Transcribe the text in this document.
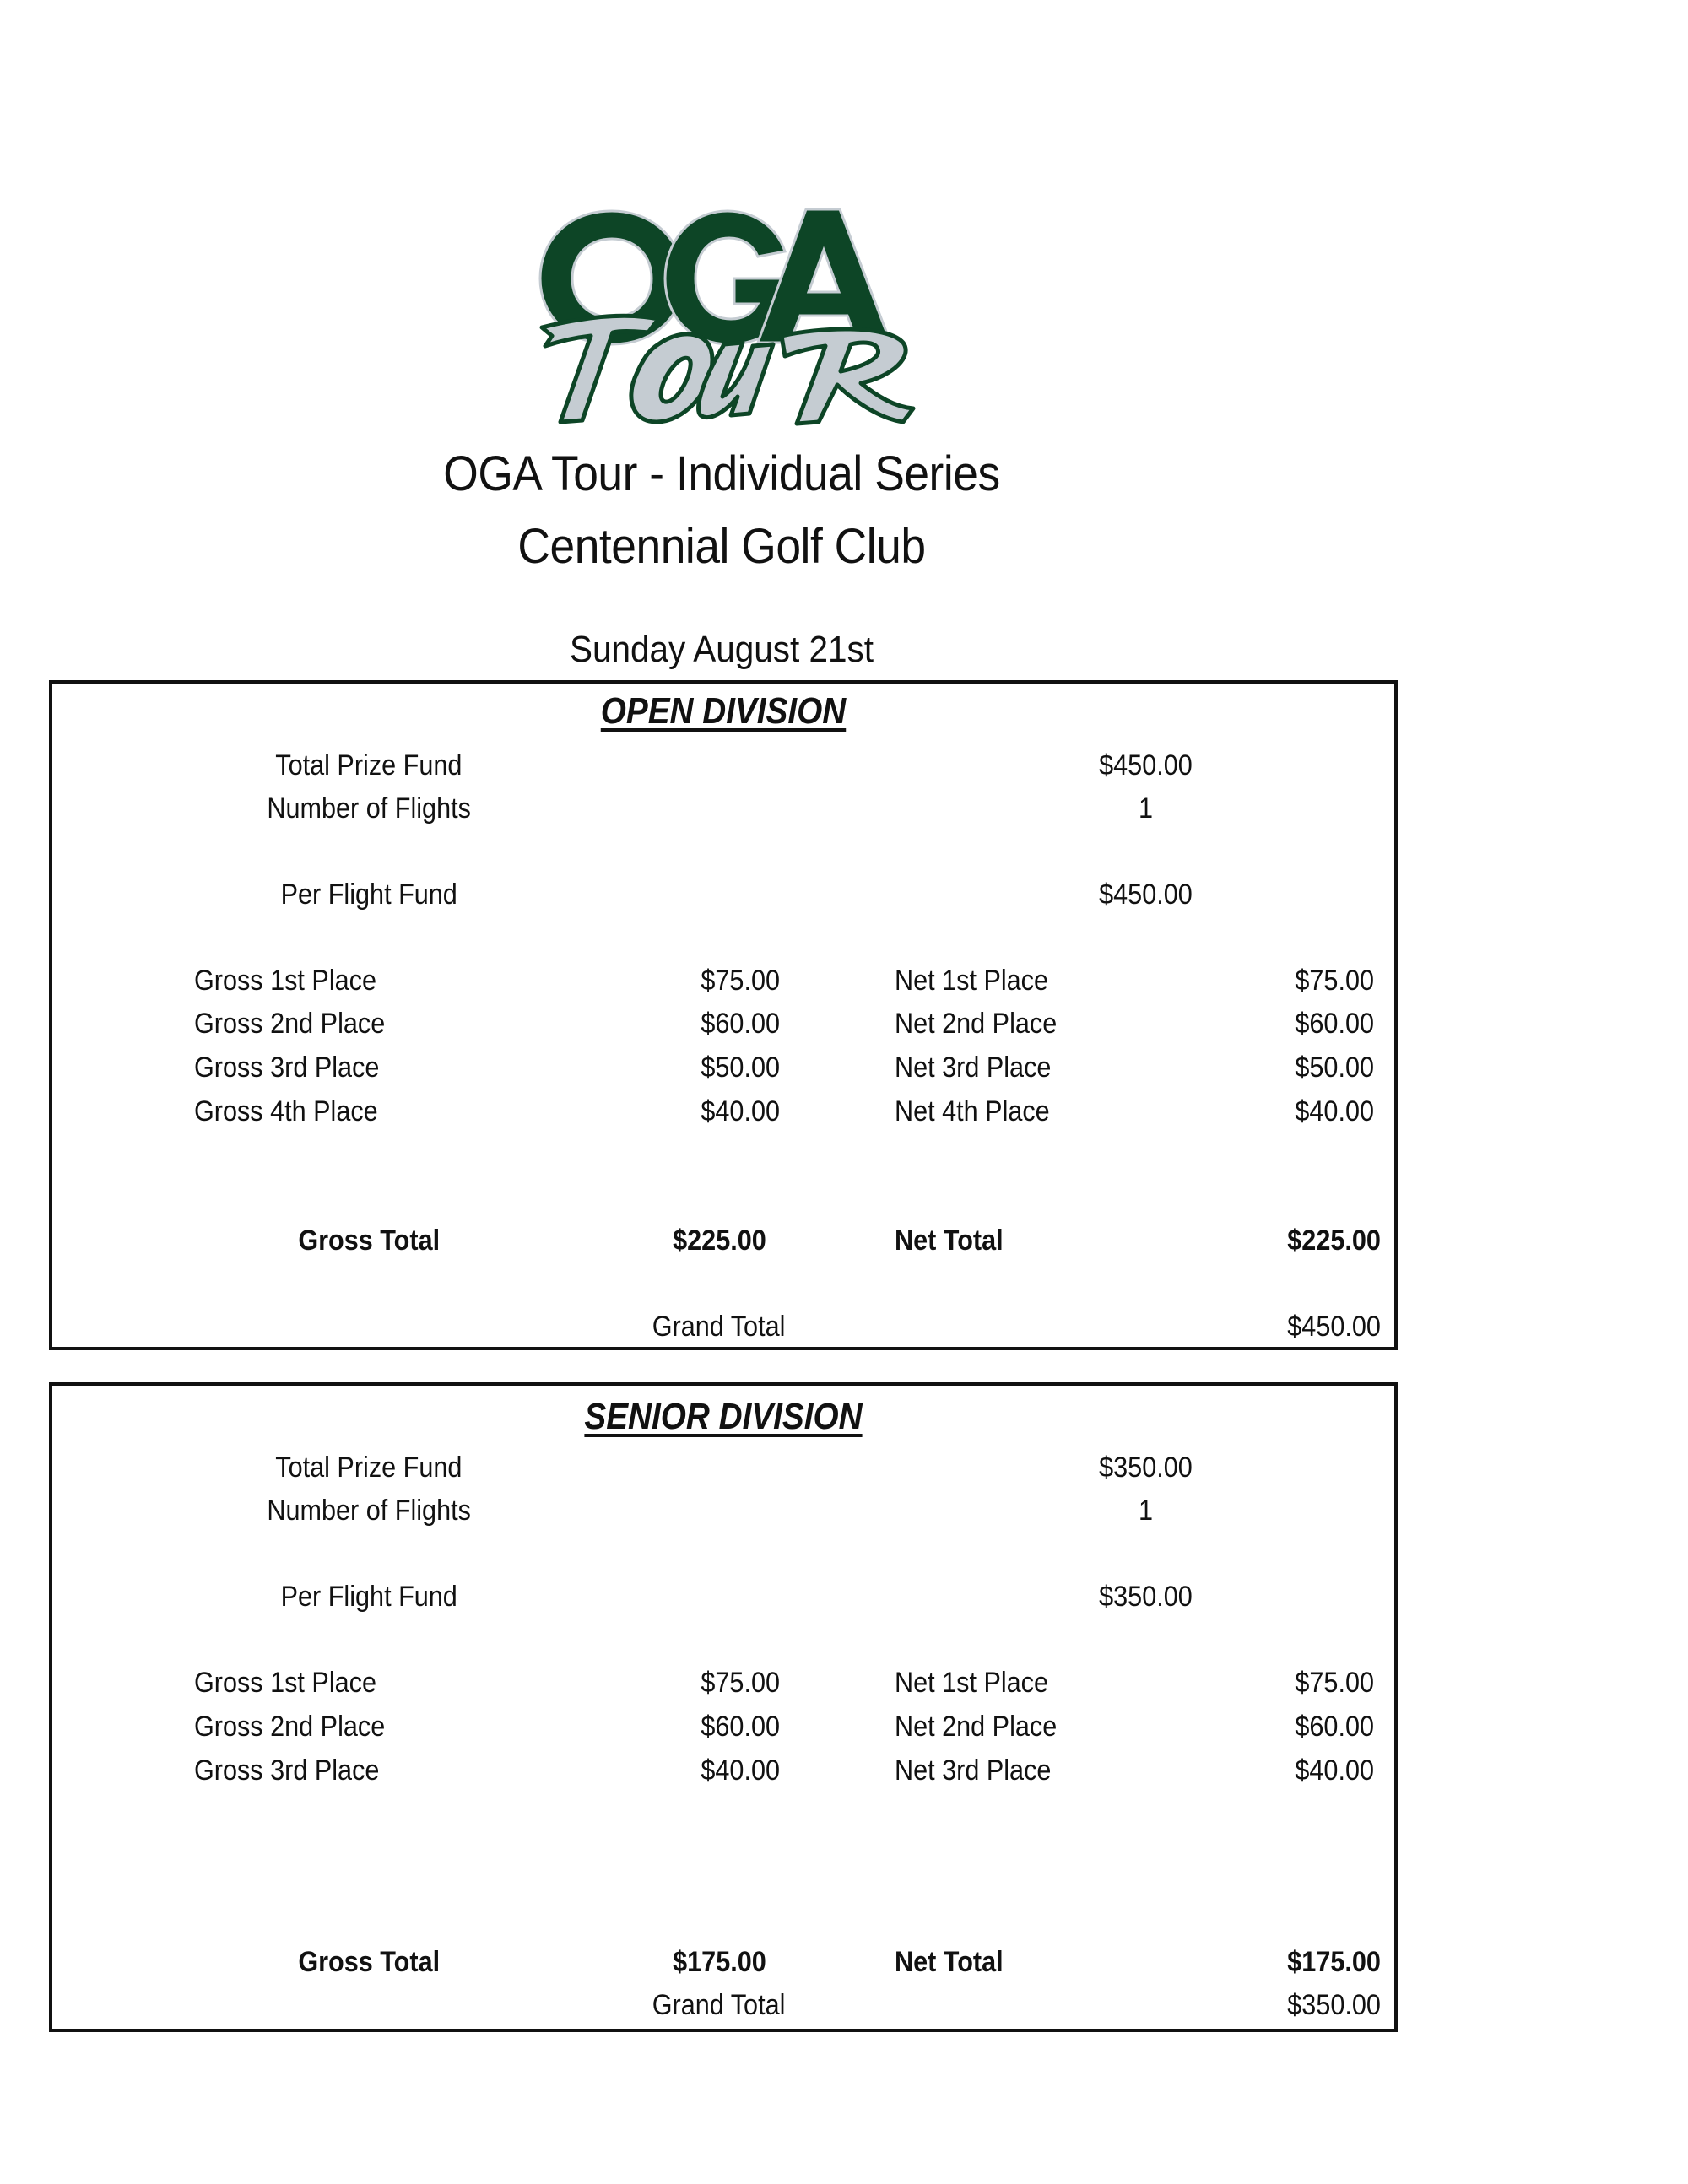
OGA Tour - Individual Series
Centennial Golf Club
Sunday August 21st
OPEN DIVISION
Total Prize Fund	$450.00
Number of Flights	1
Per Flight Fund	$450.00
Gross 1st Place	$75.00	Net 1st Place	$75.00
Gross 2nd Place	$60.00	Net 2nd Place	$60.00
Gross 3rd Place	$50.00	Net 3rd Place	$50.00
Gross 4th Place	$40.00	Net 4th Place	$40.00
Gross Total	$225.00	Net Total	$225.00
Grand Total	$450.00
SENIOR DIVISION
Total Prize Fund	$350.00
Number of Flights	1
Per Flight Fund	$350.00
Gross 1st Place	$75.00	Net 1st Place	$75.00
Gross 2nd Place	$60.00	Net 2nd Place	$60.00
Gross 3rd Place	$40.00	Net 3rd Place	$40.00
Gross Total	$175.00	Net Total	$175.00
Grand Total	$350.00
